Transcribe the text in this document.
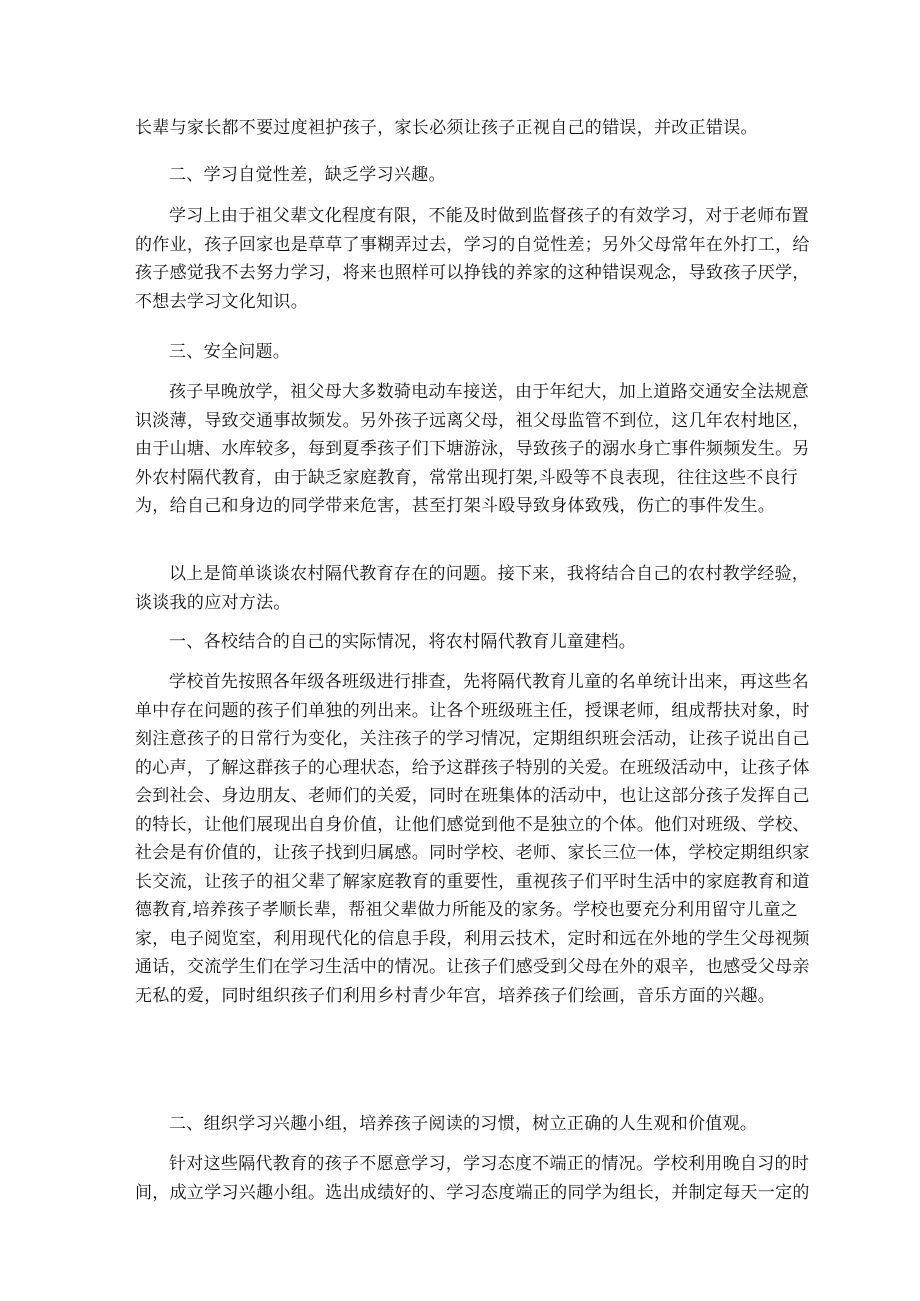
长辈与家长都不要过度袒护孩子，家长必须让孩子正视自己的错误，并改正错误。
二、学习自觉性差，缺乏学习兴趣。
学习上由于祖父辈文化程度有限，不能及时做到监督孩子的有效学习，对于老师布置
的作业，孩子回家也是草草了事糊弄过去，学习的自觉性差；另外父母常年在外打工，给
孩子感觉我不去努力学习，将来也照样可以挣钱的养家的这种错误观念，导致孩子厌学，
不想去学习文化知识。
三、安全问题。
孩子早晚放学，祖父母大多数骑电动车接送，由于年纪大，加上道路交通安全法规意
识淡薄，导致交通事故频发。另外孩子远离父母，祖父母监管不到位，这几年农村地区，
由于山塘、水库较多，每到夏季孩子们下塘游泳，导致孩子的溺水身亡事件频频发生。另
外农村隔代教育，由于缺乏家庭教育，常常出现打架,斗殴等不良表现，往往这些不良行
为，给自己和身边的同学带来危害，甚至打架斗殴导致身体致残，伤亡的事件发生。
以上是简单谈谈农村隔代教育存在的问题。接下来，我将结合自己的农村教学经验，
谈谈我的应对方法。
一、各校结合的自己的实际情况，将农村隔代教育儿童建档。
学校首先按照各年级各班级进行排查，先将隔代教育儿童的名单统计出来，再这些名
单中存在问题的孩子们单独的列出来。让各个班级班主任，授课老师，组成帮扶对象，时
刻注意孩子的日常行为变化，关注孩子的学习情况，定期组织班会活动，让孩子说出自己
的心声，了解这群孩子的心理状态，给予这群孩子特别的关爱。在班级活动中，让孩子体
会到社会、身边朋友、老师们的关爱，同时在班集体的活动中，也让这部分孩子发挥自己
的特长，让他们展现出自身价值，让他们感觉到他不是独立的个体。他们对班级、学校、
社会是有价值的，让孩子找到归属感。同时学校、老师、家长三位一体，学校定期组织家
长交流，让孩子的祖父辈了解家庭教育的重要性，重视孩子们平时生活中的家庭教育和道
德教育,培养孩子孝顺长辈，帮祖父辈做力所能及的家务。学校也要充分利用留守儿童之
家，电子阅览室，利用现代化的信息手段，利用云技术，定时和远在外地的学生父母视频
通话，交流学生们在学习生活中的情况。让孩子们感受到父母在外的艰辛，也感受父母亲
无私的爱，同时组织孩子们利用乡村青少年宫，培养孩子们绘画，音乐方面的兴趣。
二、组织学习兴趣小组，培养孩子阅读的习惯，树立正确的人生观和价值观。
针对这些隔代教育的孩子不愿意学习，学习态度不端正的情况。学校利用晚自习的时
间，成立学习兴趣小组。选出成绩好的、学习态度端正的同学为组长，并制定每天一定的
